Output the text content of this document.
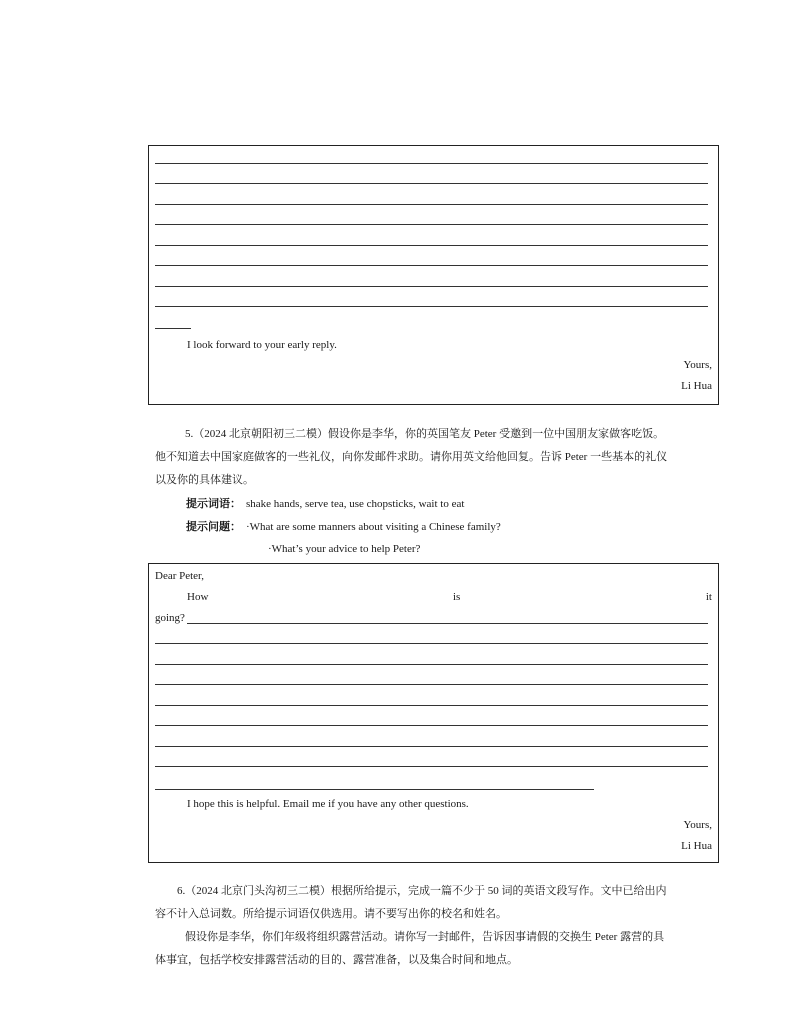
I look forward to your early reply.
Yours,
Li Hua
5.（2024 北京朝阳初三二模）假设你是李华，你的英国笔友 Peter 受邀到一位中国朋友家做客吃饭。
他不知道去中国家庭做客的一些礼仪，向你发邮件求助。请你用英文给他回复。告诉 Peter 一些基本的礼仪
以及你的具体建议。
提示词语： shake hands, serve tea, use chopsticks, wait to eat
提示问题： ·What are some manners about visiting a Chinese family?
·What’s your advice to help Peter?
Dear Peter,
How	is	it
going?
I hope this is helpful. Email me if you have any other questions.
Yours,
Li Hua
6.（2024 北京门头沟初三二模）根据所给提示，完成一篇不少于 50 词的英语文段写作。文中已给出内
容不计入总词数。所给提示词语仅供选用。请不要写出你的校名和姓名。
假设你是李华，你们年级将组织露营活动。请你写一封邮件，告诉因事请假的交换生 Peter 露营的具
体事宜，包括学校安排露营活动的目的、露营准备，以及集合时间和地点。
